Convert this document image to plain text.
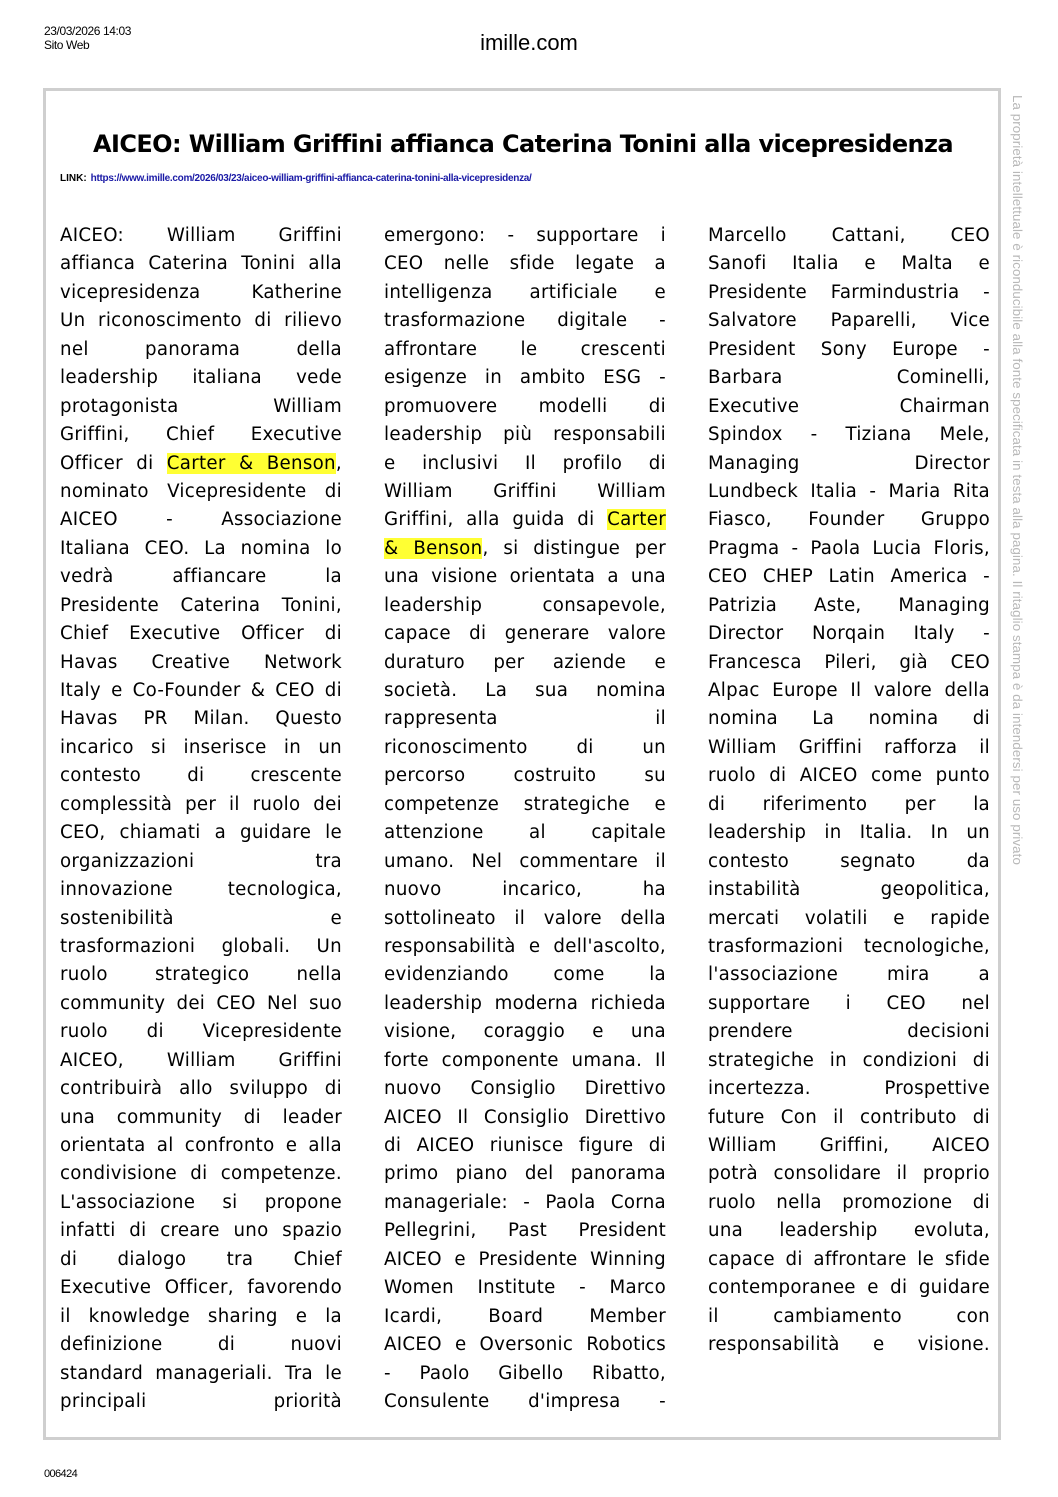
23/03/2026 14:03
Sito Web	imille.com
AICEO: William Griffini affianca Caterina Tonini alla vicepresidenza
LINK: https://www.imille.com/2026/03/23/aiceo-william-griffini-affianca-caterina-tonini-alla-vicepresidenza/
AICEO: William Griffini
affianca Caterina Tonini alla
vicepresidenza Katherine
Un riconoscimento di rilievo
nel panorama della
leadership italiana vede
protagonista William
Griffini, Chief Executive
Officer di Carter & Benson,
nominato Vicepresidente di
AICEO - Associazione
Italiana CEO. La nomina lo
vedrà affiancare la
Presidente Caterina Tonini,
Chief Executive Officer di
Havas Creative Network
Italy e Co-Founder & CEO di
Havas PR Milan. Questo
incarico si inserisce in un
contesto di crescente
complessità per il ruolo dei
CEO, chiamati a guidare le
organizzazioni tra
innovazione tecnologica,
sostenibilità e
trasformazioni globali. Un
ruolo strategico nella
community dei CEO Nel suo
ruolo di Vicepresidente
AICEO, William Griffini
contribuirà allo sviluppo di
una community di leader
orientata al confronto e alla
condivisione di competenze.
L'associazione si propone
infatti di creare uno spazio
di dialogo tra Chief
Executive Officer, favorendo
il knowledge sharing e la
definizione di nuovi
standard manageriali. Tra le
principali priorità
emergono: - supportare i
CEO nelle sfide legate a
intelligenza artificiale e
trasformazione digitale -
affrontare le crescenti
esigenze in ambito ESG -
promuovere modelli di
leadership più responsabili
e inclusivi Il profilo di
William Griffini William
Griffini, alla guida di Carter
& Benson, si distingue per
una visione orientata a una
leadership consapevole,
capace di generare valore
duraturo per aziende e
società. La sua nomina
rappresenta il
riconoscimento di un
percorso costruito su
competenze strategiche e
attenzione al capitale
umano. Nel commentare il
nuovo incarico, ha
sottolineato il valore della
responsabilità e dell'ascolto,
evidenziando come la
leadership moderna richieda
visione, coraggio e una
forte componente umana. Il
nuovo Consiglio Direttivo
AICEO Il Consiglio Direttivo
di AICEO riunisce figure di
primo piano del panorama
manageriale: - Paola Corna
Pellegrini, Past President
AICEO e Presidente Winning
Women Institute - Marco
Icardi, Board Member
AICEO e Oversonic Robotics
- Paolo Gibello Ribatto,
Consulente d'impresa -
Marcello Cattani, CEO
Sanofi Italia e Malta e
Presidente Farmindustria -
Salvatore Paparelli, Vice
President Sony Europe -
Barbara Cominelli,
Executive Chairman
Spindox - Tiziana Mele,
Managing Director
Lundbeck Italia - Maria Rita
Fiasco, Founder Gruppo
Pragma - Paola Lucia Floris,
CEO CHEP Latin America -
Patrizia Aste, Managing
Director Norqain Italy -
Francesca Pileri, già CEO
Alpac Europe Il valore della
nomina La nomina di
William Griffini rafforza il
ruolo di AICEO come punto
di riferimento per la
leadership in Italia. In un
contesto segnato da
instabilità geopolitica,
mercati volatili e rapide
trasformazioni tecnologiche,
l'associazione mira a
supportare i CEO nel
prendere decisioni
strategiche in condizioni di
incertezza. Prospettive
future Con il contributo di
William Griffini, AICEO
potrà consolidare il proprio
ruolo nella promozione di
una leadership evoluta,
capace di affrontare le sfide
contemporanee e di guidare
il cambiamento con
responsabilità e visione.
La proprietà intellettuale è riconducibile alla fonte specificata in testa alla pagina. Il ritaglio stampa è da intendersi per uso privato
006424
